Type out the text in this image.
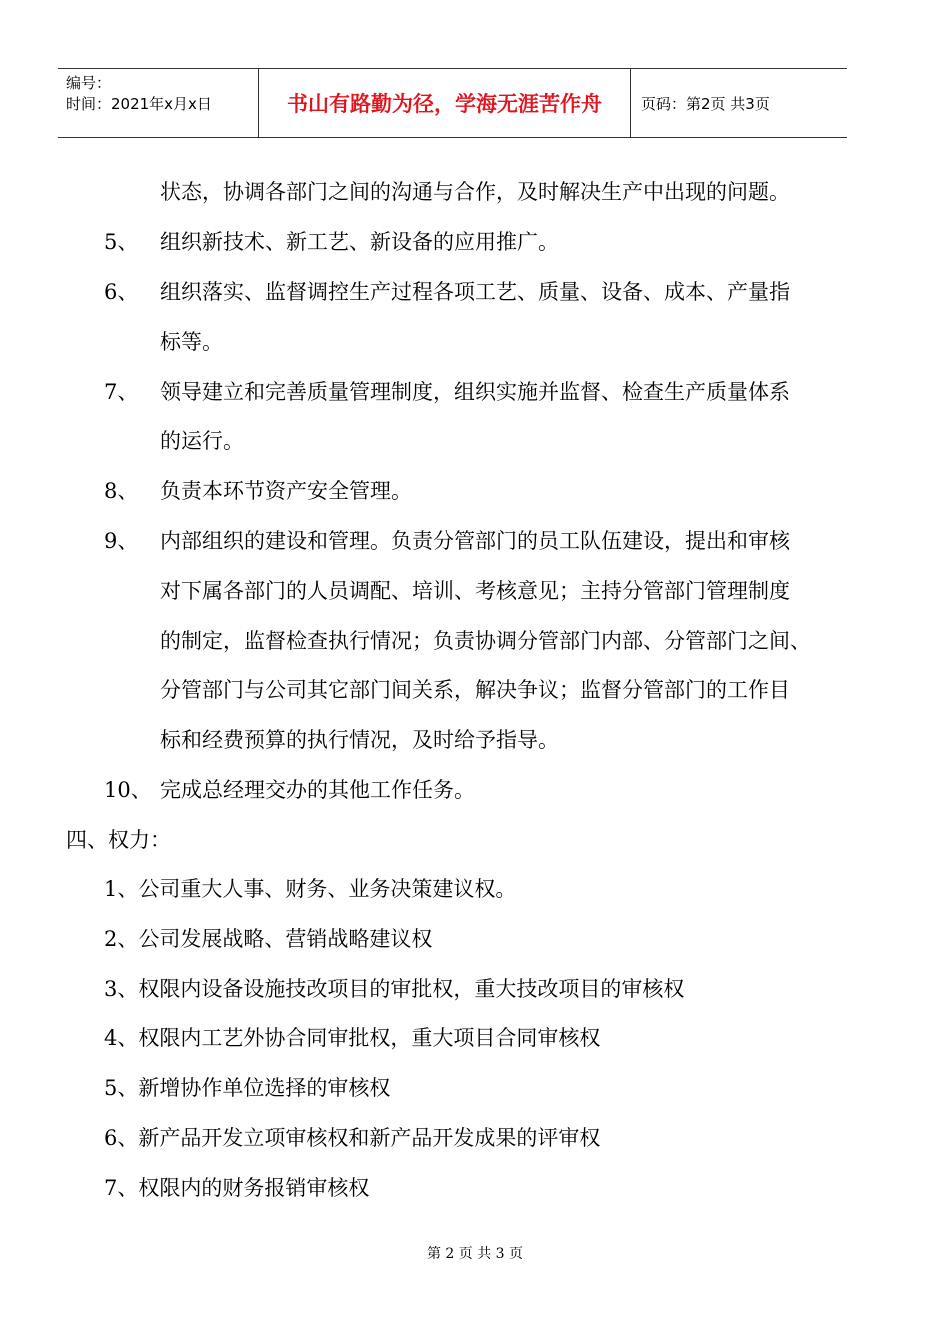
编号：
时间：2021年x月x日	书山有路勤为径，学海无涯苦作舟	页码：第2页 共3页
状态，协调各部门之间的沟通与合作，及时解决生产中出现的问题。
5、 组织新技术、新工艺、新设备的应用推广。
6、 组织落实、监督调控生产过程各项工艺、质量、设备、成本、产量指
标等。
7、 领导建立和完善质量管理制度，组织实施并监督、检查生产质量体系
的运行。
8、 负责本环节资产安全管理。
9、 内部组织的建设和管理。负责分管部门的员工队伍建设，提出和审核
对下属各部门的人员调配、培训、考核意见；主持分管部门管理制度
的制定，监督检查执行情况；负责协调分管部门内部、分管部门之间、
分管部门与公司其它部门间关系，解决争议；监督分管部门的工作目
标和经费预算的执行情况，及时给予指导。
10、 完成总经理交办的其他工作任务。
四、权力：
1、公司重大人事、财务、业务决策建议权。
2、公司发展战略、营销战略建议权
3、权限内设备设施技改项目的审批权，重大技改项目的审核权
4、权限内工艺外协合同审批权，重大项目合同审核权
5、新增协作单位选择的审核权
6、新产品开发立项审核权和新产品开发成果的评审权
7、权限内的财务报销审核权
第 2 页 共 3 页
